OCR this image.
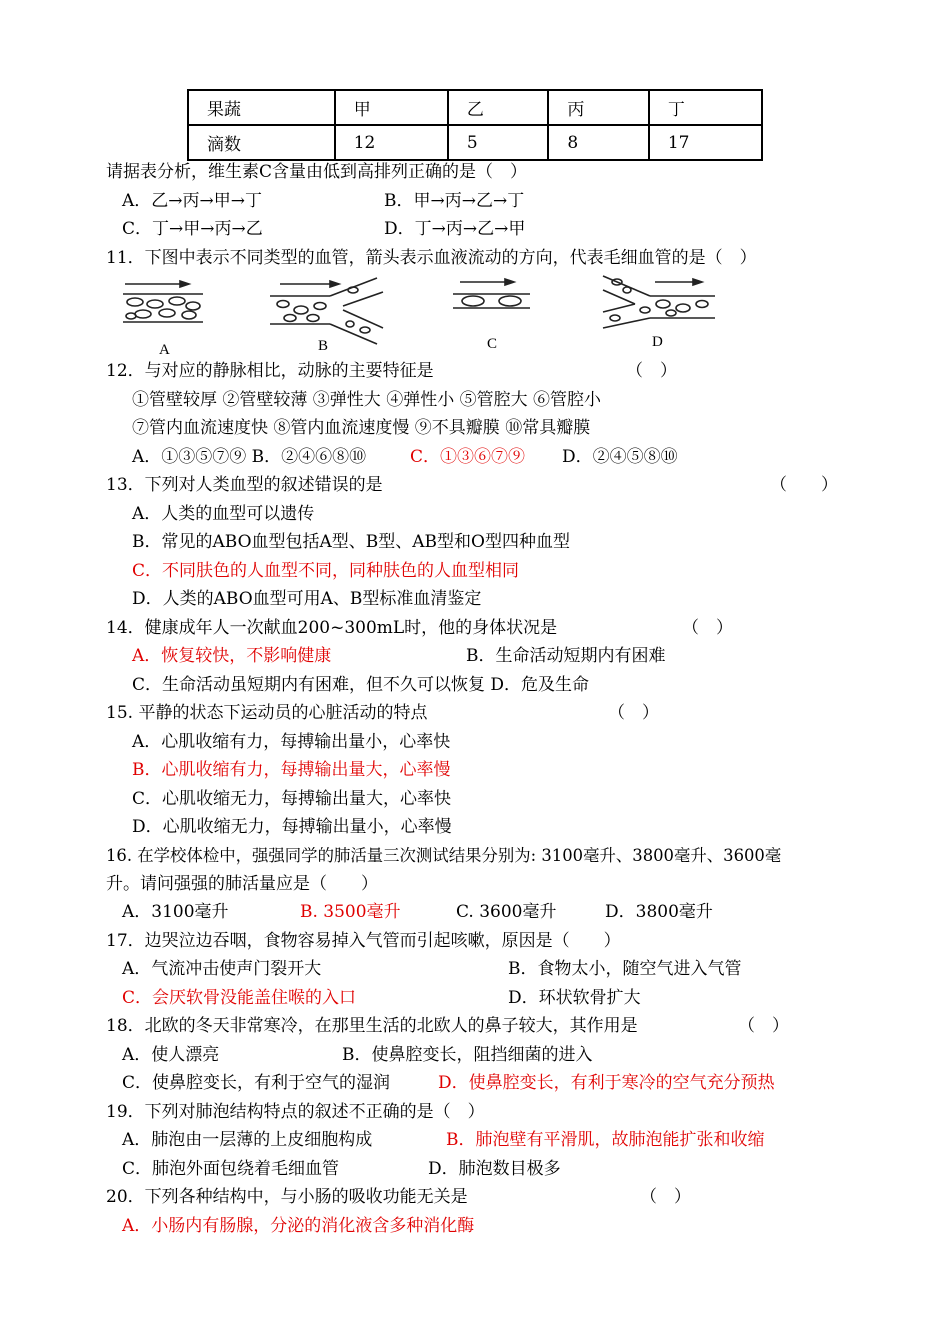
果蔬	甲	乙	丙	丁
滴数	12	5	8	17
请据表分析，维生素C含量由低到高排列正确的是（　）
A．乙→丙→甲→丁	B．甲→丙→乙→丁
C．丁→甲→丙→乙	D．丁→丙→乙→甲
11．下图中表示不同类型的血管，箭头表示血液流动的方向，代表毛细血管的是（　）
A	B	C	D
12．与对应的静脉相比，动脉的主要特征是	（　）
①管壁较厚 ②管壁较薄 ③弹性大 ④弹性小 ⑤管腔大 ⑥管腔小
⑦管内血流速度快 ⑧管内血流速度慢 ⑨不具瓣膜 ⑩常具瓣膜
A．①③⑤⑦⑨ B．②④⑥⑧⑩	C．①③⑥⑦⑨ D．②④⑤⑧⑩
13．下列对人类血型的叙述错误的是	（　　）
A．人类的血型可以遗传
B．常见的ABO血型包括A型、B型、AB型和O型四种血型
C．不同肤色的人血型不同，同种肤色的人血型相同
D．人类的ABO血型可用A、B型标准血清鉴定
14．健康成年人一次献血200~300mL时，他的身体状况是	（　）
A．恢复较快，不影响健康	B．生命活动短期内有困难
C．生命活动虽短期内有困难，但不久可以恢复 D．危及生命
15. 平静的状态下运动员的心脏活动的特点	（　）
A．心肌收缩有力，每搏输出量小，心率快
B．心肌收缩有力，每搏输出量大，心率慢
C．心肌收缩无力，每搏输出量大，心率快
D．心肌收缩无力，每搏输出量小，心率慢
16. 在学校体检中，强强同学的肺活量三次测试结果分别为: 3100毫升、3800毫升、3600毫
升。请问强强的肺活量应是（　　）
A．3100毫升	B. 3500毫升	C. 3600毫升	D．3800毫升
17．边哭泣边吞咽，食物容易掉入气管而引起咳嗽，原因是（　　）
A．气流冲击使声门裂开大	B．食物太小，随空气进入气管
C．会厌软骨没能盖住喉的入口	D．环状软骨扩大
18．北欧的冬天非常寒冷，在那里生活的北欧人的鼻子较大，其作用是	（　）
A．使人漂亮	B．使鼻腔变长，阻挡细菌的进入
C．使鼻腔变长，有利于空气的湿润	D．使鼻腔变长，有利于寒冷的空气充分预热
19．下列对肺泡结构特点的叙述不正确的是（　）
A．肺泡由一层薄的上皮细胞构成	B．肺泡壁有平滑肌，故肺泡能扩张和收缩
C．肺泡外面包绕着毛细血管	D．肺泡数目极多
20．下列各种结构中，与小肠的吸收功能无关是	（　）
A．小肠内有肠腺，分泌的消化液含多种消化酶
